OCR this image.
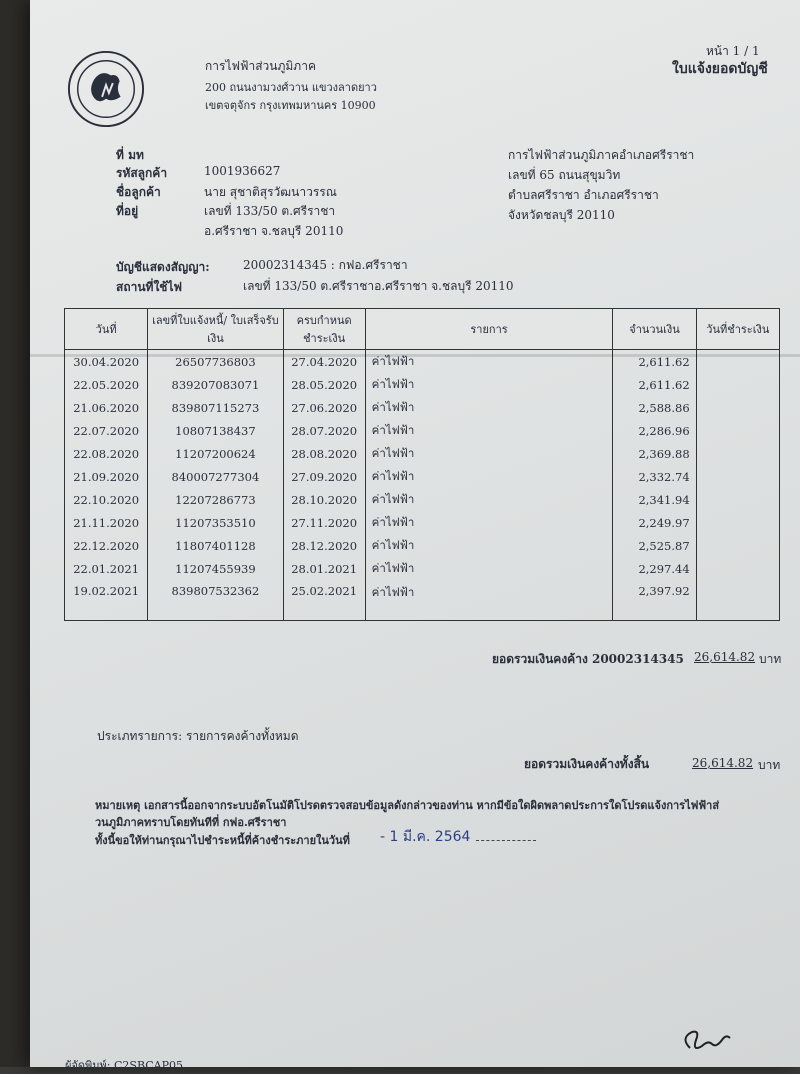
การไฟฟ้าส่วนภูมิภาค
200 ถนนงามวงศ์วาน แขวงลาดยาว
เขตจตุจักร กรุงเทพมหานคร 10900
หน้า 1 / 1
ใบแจ้งยอดบัญชี
ที่ มท
รหัสลูกค้า	1001936627
ชื่อลูกค้า	นาย สุชาติสุรวัฒนาวรรณ
ที่อยู่	เลขที่ 133/50 ต.ศรีราชา
อ.ศรีราชา จ.ชลบุรี 20110
การไฟฟ้าส่วนภูมิภาคอำเภอศรีราชา
เลขที่ 65 ถนนสุขุมวิท
ตำบลศรีราชา อำเภอศรีราชา
จังหวัดชลบุรี 20110
บัญชีแสดงสัญญา:	20002314345 : กฟอ.ศรีราชา
สถานที่ใช้ไฟ	เลขที่ 133/50 ต.ศรีราชาอ.ศรีราชา จ.ชลบุรี 20110
วันที่	เลขที่ใบแจ้งหนี้/ ใบเสร็จรับเงิน	ครบกำหนดชำระเงิน	รายการ	จำนวนเงิน	วันที่ชำระเงิน
30.04.2020	26507736803	27.04.2020	ค่าไฟฟ้า	2,611.62	
22.05.2020	839207083071	28.05.2020	ค่าไฟฟ้า	2,611.62	
21.06.2020	839807115273	27.06.2020	ค่าไฟฟ้า	2,588.86	
22.07.2020	10807138437	28.07.2020	ค่าไฟฟ้า	2,286.96	
22.08.2020	11207200624	28.08.2020	ค่าไฟฟ้า	2,369.88	
21.09.2020	840007277304	27.09.2020	ค่าไฟฟ้า	2,332.74	
22.10.2020	12207286773	28.10.2020	ค่าไฟฟ้า	2,341.94	
21.11.2020	11207353510	27.11.2020	ค่าไฟฟ้า	2,249.97	
22.12.2020	11807401128	28.12.2020	ค่าไฟฟ้า	2,525.87	
22.01.2021	11207455939	28.01.2021	ค่าไฟฟ้า	2,297.44	
19.02.2021	839807532362	25.02.2021	ค่าไฟฟ้า	2,397.92	
ยอดรวมเงินคงค้าง 20002314345 26,614.82 บาท
ประเภทรายการ: รายการคงค้างทั้งหมด
ยอดรวมเงินคงค้างทั้งสิ้น	26,614.82 บาท
หมายเหตุ เอกสารนี้ออกจากระบบอัตโนมัติโปรดตรวจสอบข้อมูลดังกล่าวของท่าน หากมีข้อใดผิดพลาดประการใดโปรดแจ้งการไฟฟ้าส่
วนภูมิภาคทราบโดยทันทีที่ กฟอ.ศรีราชา
ทั้งนี้ขอให้ท่านกรุณาไปชำระหนี้ที่ค้างชำระภายในวันที่ - 1 มี.ค. 2564
ผู้จัดพิมพ์: C2SBCAP05
